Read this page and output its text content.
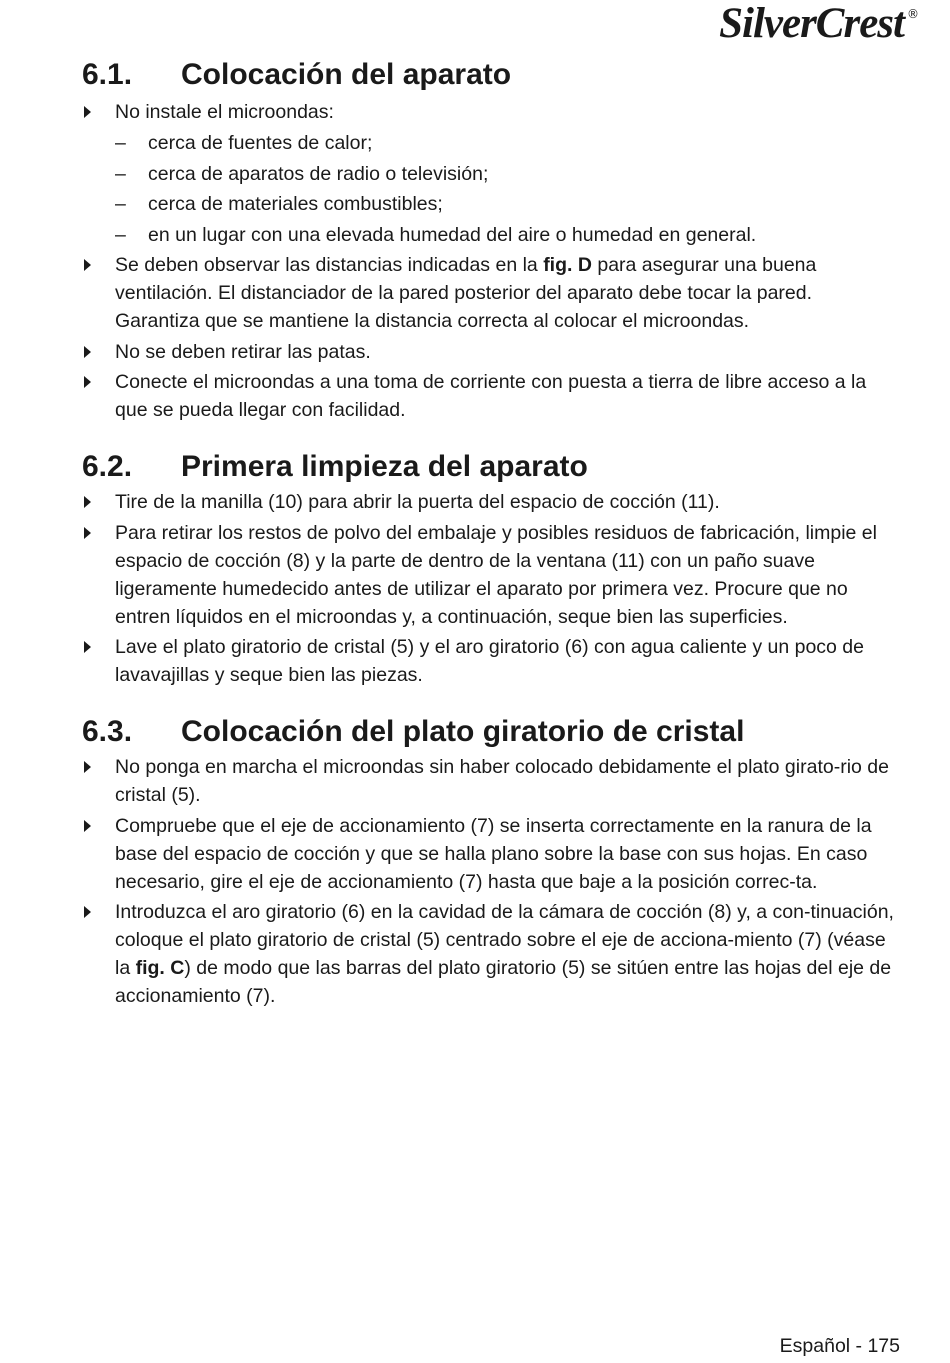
SilverCrest ®
6.1.	Colocación del aparato
No instale el microondas:
– cerca de fuentes de calor;
– cerca de aparatos de radio o televisión;
– cerca de materiales combustibles;
– en un lugar con una elevada humedad del aire o humedad en general.
Se deben observar las distancias indicadas en la fig. D para asegurar una buena ventilación. El distanciador de la pared posterior del aparato debe tocar la pared. Garantiza que se mantiene la distancia correcta al colocar el microondas.
No se deben retirar las patas.
Conecte el microondas a una toma de corriente con puesta a tierra de libre acceso a la que se pueda llegar con facilidad.
6.2.	Primera limpieza del aparato
Tire de la manilla (10) para abrir la puerta del espacio de cocción (11).
Para retirar los restos de polvo del embalaje y posibles residuos de fabricación, limpie el espacio de cocción (8) y la parte de dentro de la ventana (11) con un paño suave ligeramente humedecido antes de utilizar el aparato por primera vez. Procure que no entren líquidos en el microondas y, a continuación, seque bien las superficies.
Lave el plato giratorio de cristal (5) y el aro giratorio (6) con agua caliente y un poco de lavavajillas y seque bien las piezas.
6.3.	Colocación del plato giratorio de cristal
No ponga en marcha el microondas sin haber colocado debidamente el plato girato-rio de cristal (5).
Compruebe que el eje de accionamiento (7) se inserta correctamente en la ranura de la base del espacio de cocción y que se halla plano sobre la base con sus hojas. En caso necesario, gire el eje de accionamiento (7) hasta que baje a la posición correc-ta.
Introduzca el aro giratorio (6) en la cavidad de la cámara de cocción (8) y, a con-tinuación, coloque el plato giratorio de cristal (5) centrado sobre el eje de acciona-miento (7) (véase la fig. C) de modo que las barras del plato giratorio (5) se sitúen entre las hojas del eje de accionamiento (7).
Español - 175
